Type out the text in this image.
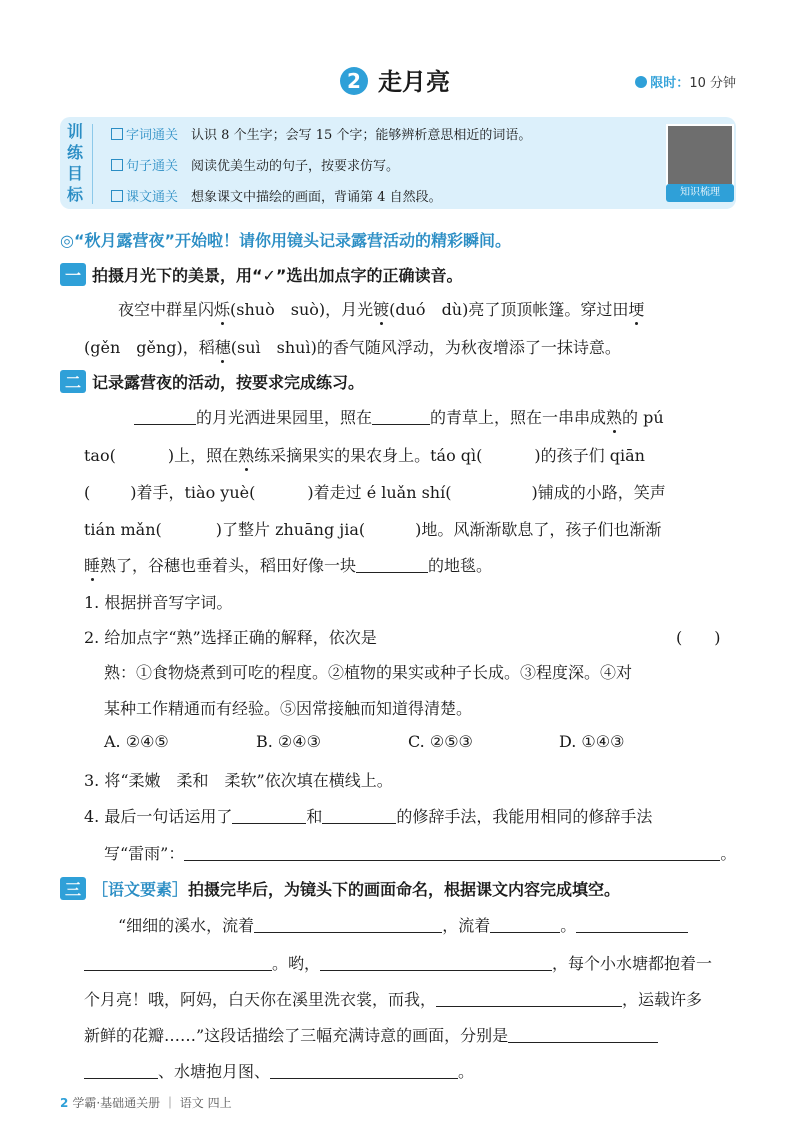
2 走月亮	限时：10 分钟
训
练
目
标
字词通关　 认识 8 个生字；会写 15 个字；能够辨析意思相近的词语。
句子通关　 阅读优美生动的句子，按要求仿写。
课文通关　 想象课文中描绘的画面，背诵第 4 自然段。	知识梳理
◎“秋月露营夜”开始啦！请你用镜头记录露营活动的精彩瞬间。
一 拍摄月光下的美景，用“✓”选出加点字的正确读音。
夜空中群星闪烁(shuò　suò)，月光镀(duó　dù)亮了顶顶帐篷。穿过田埂
(gěn　gěng)，稻穗(suì　shuì)的香气随风浮动，为秋夜增添了一抹诗意。
二 记录露营夜的活动，按要求完成练习。
的月光洒进果园里，照在	的青草上，照在一串串成熟的 pú
tao(	)上，照在熟练采摘果实的果农身上。táo qì(	)的孩子们 qiān
(	)着手，tiào yuè(	)着走过 é luǎn shí(	)铺成的小路，笑声
tián mǎn(	)了整片 zhuāng jia(	)地。风渐渐歇息了，孩子们也渐渐
睡熟了，谷穗也垂着头，稻田好像一块	的地毯。
1. 根据拼音写字词。
2. 给加点字“熟”选择正确的解释，依次是	(　　)
熟：①食物烧煮到可吃的程度。②植物的果实或种子长成。③程度深。④对
某种工作精通而有经验。⑤因常接触而知道得清楚。
A. ②④⑤	B. ②④③	C. ②⑤③	D. ①④③
3. 将“柔嫩　柔和　柔软”依次填在横线上。
4. 最后一句话运用了	和	的修辞手法，我能用相同的修辞手法
写“雷雨”：	。
三 ［语文要素］拍摄完毕后，为镜头下的画面命名，根据课文内容完成填空。
“细细的溪水，流着	，流着	。
。哟，	，每个小水塘都抱着一
个月亮！哦，阿妈，白天你在溪里洗衣裳，而我，	，运载许多
新鲜的花瓣……”这段话描绘了三幅充满诗意的画面，分别是
、水塘抱月图、	。
2 学霸·基础通关册 ｜ 语文 四上
